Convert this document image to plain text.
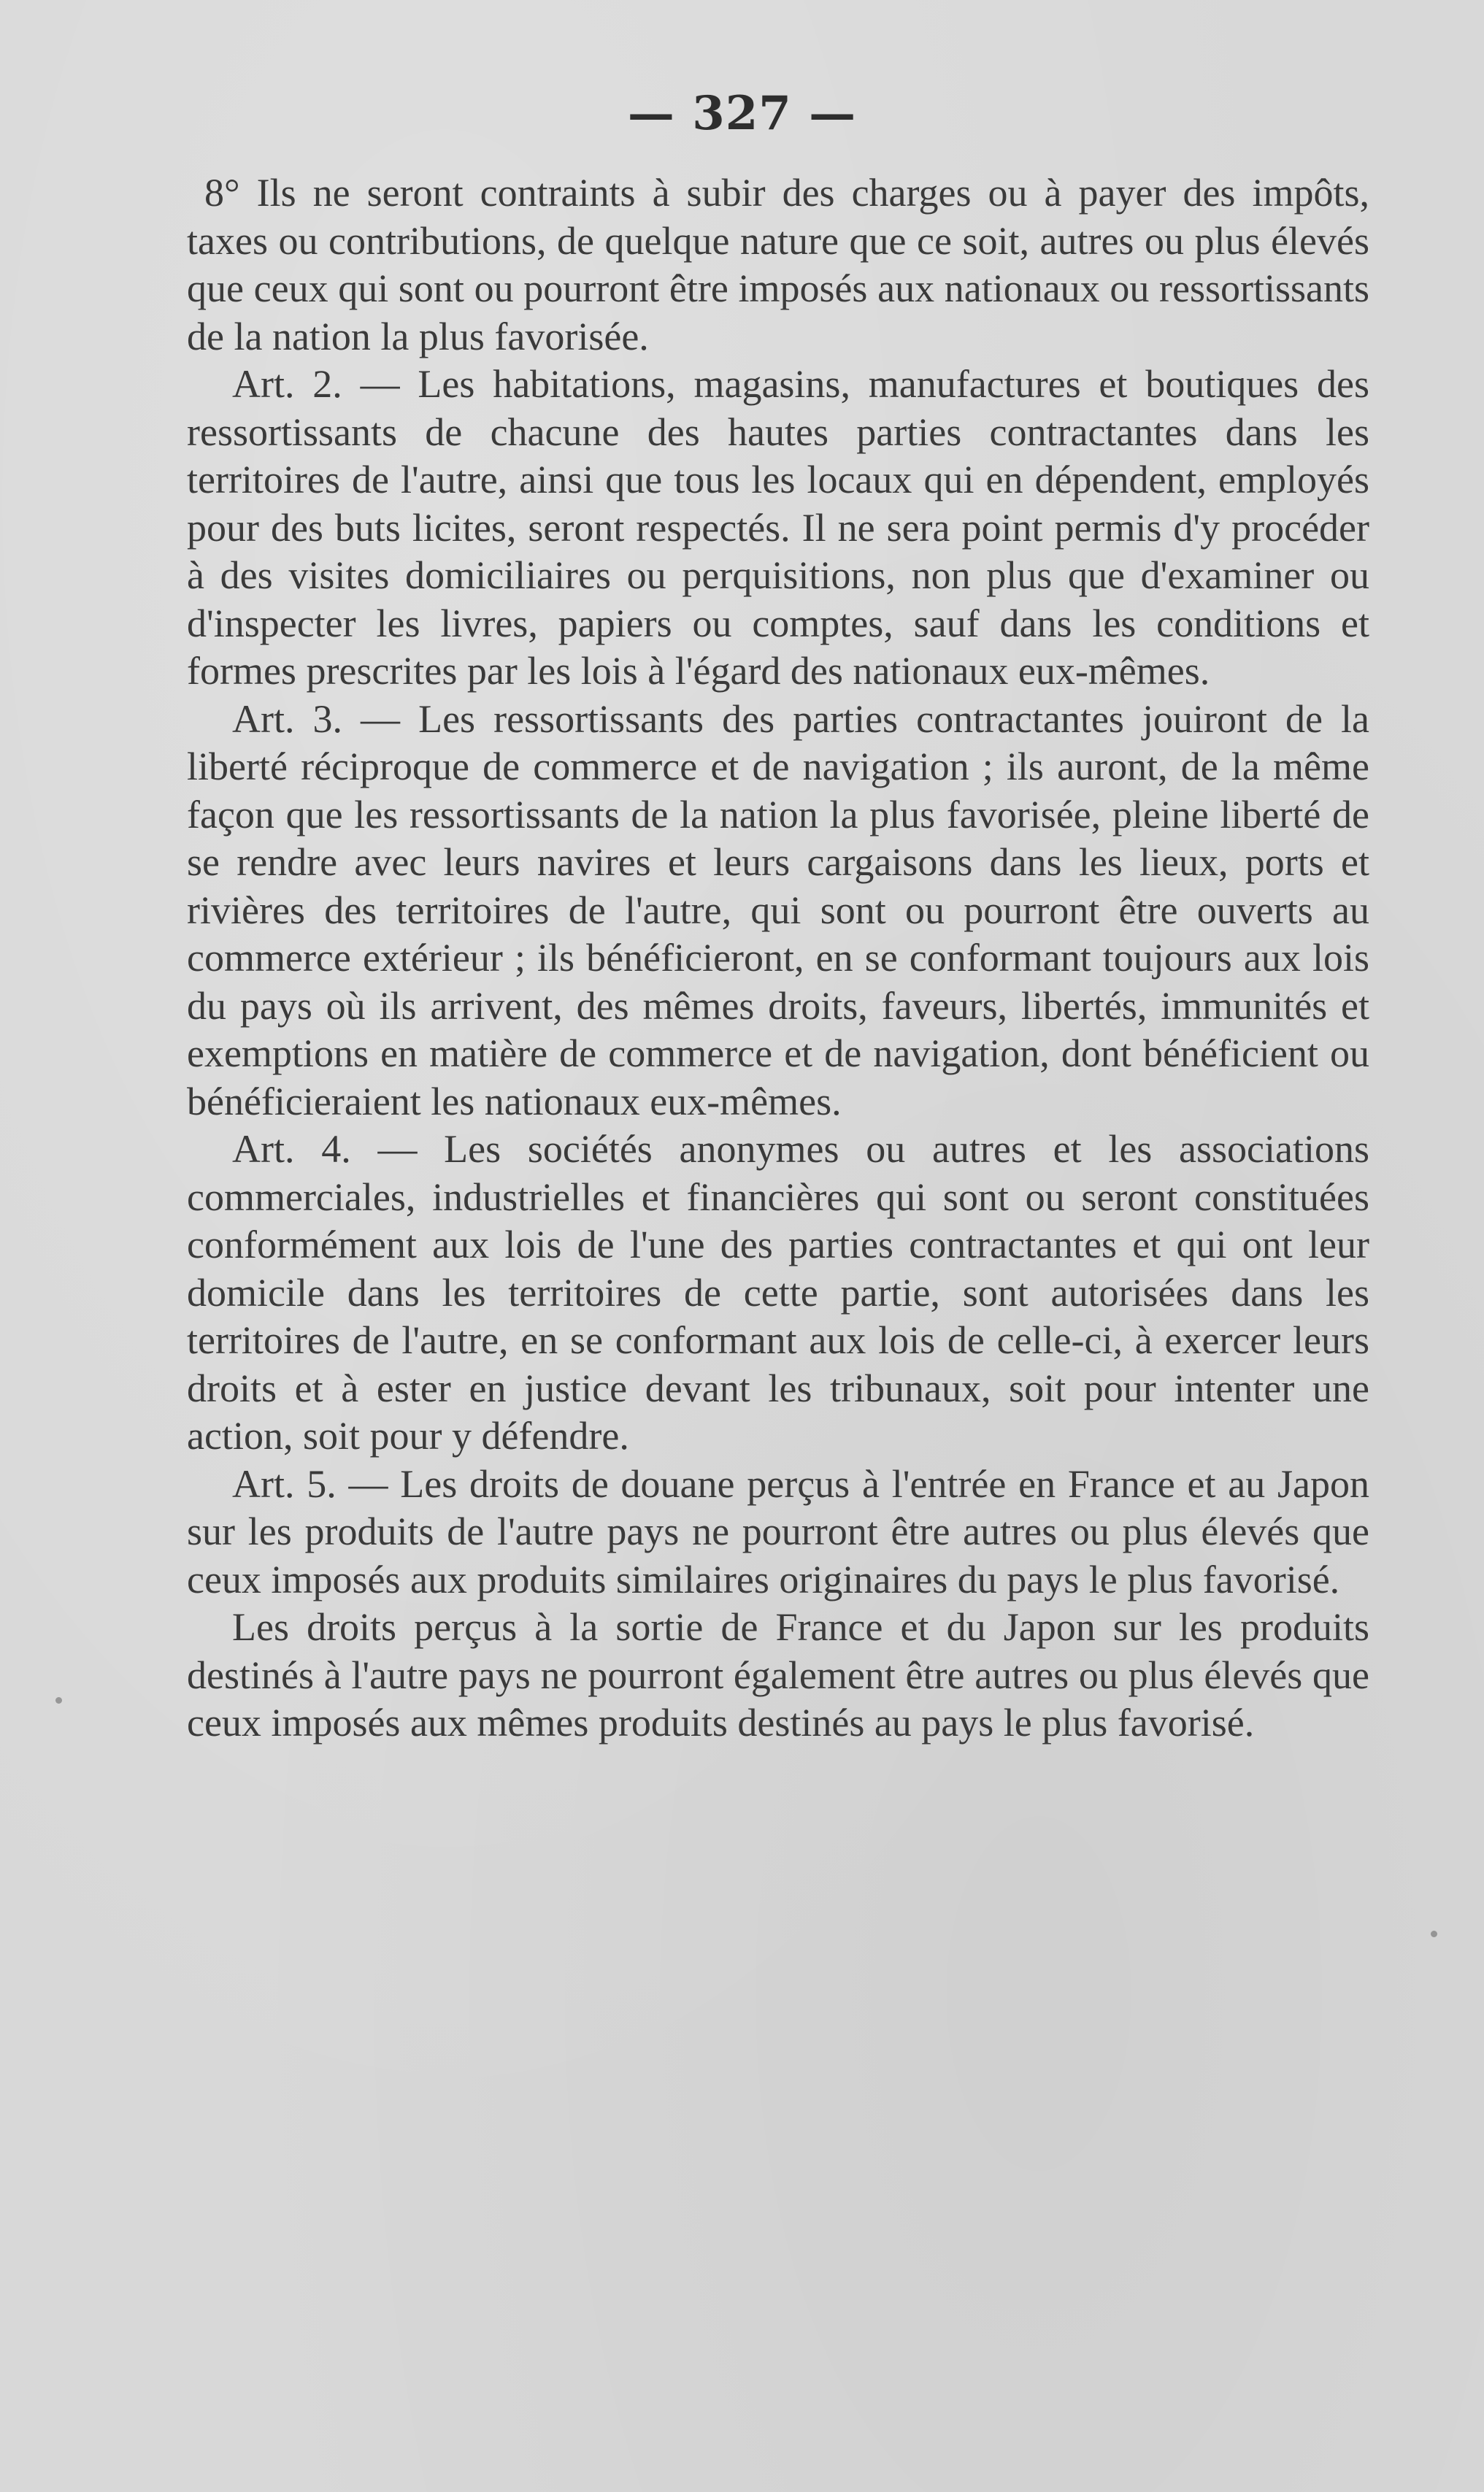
— 327 —

8° Ils ne seront contraints à subir des charges ou à payer des impôts, taxes ou contributions, de quelque nature que ce soit, autres ou plus élevés que ceux qui sont ou pourront être imposés aux nationaux ou ressortissants de la nation la plus favorisée.

Art. 2. — Les habitations, magasins, manufactures et boutiques des ressortissants de chacune des hautes parties contractantes dans les territoires de l'autre, ainsi que tous les locaux qui en dépendent, employés pour des buts licites, seront respectés. Il ne sera point permis d'y procéder à des visites domiciliaires ou perquisitions, non plus que d'examiner ou d'inspecter les livres, papiers ou comptes, sauf dans les conditions et formes prescrites par les lois à l'égard des nationaux eux-mêmes.

Art. 3. — Les ressortissants des parties contractantes jouiront de la liberté réciproque de commerce et de navigation ; ils auront, de la même façon que les ressortissants de la nation la plus favorisée, pleine liberté de se rendre avec leurs navires et leurs cargaisons dans les lieux, ports et rivières des territoires de l'autre, qui sont ou pourront être ouverts au commerce extérieur ; ils bénéficieront, en se conformant toujours aux lois du pays où ils arrivent, des mêmes droits, faveurs, libertés, immunités et exemptions en matière de commerce et de navigation, dont bénéficient ou bénéficieraient les nationaux eux-mêmes.

Art. 4. — Les sociétés anonymes ou autres et les associations commerciales, industrielles et financières qui sont ou seront constituées conformément aux lois de l'une des parties contractantes et qui ont leur domicile dans les territoires de cette partie, sont autorisées dans les territoires de l'autre, en se conformant aux lois de celle-ci, à exercer leurs droits et à ester en justice devant les tribunaux, soit pour intenter une action, soit pour y défendre.

Art. 5. — Les droits de douane perçus à l'entrée en France et au Japon sur les produits de l'autre pays ne pourront être autres ou plus élevés que ceux imposés aux produits similaires originaires du pays le plus favorisé.

Les droits perçus à la sortie de France et du Japon sur les produits destinés à l'autre pays ne pourront également être autres ou plus élevés que ceux imposés aux mêmes produits destinés au pays le plus favorisé.
